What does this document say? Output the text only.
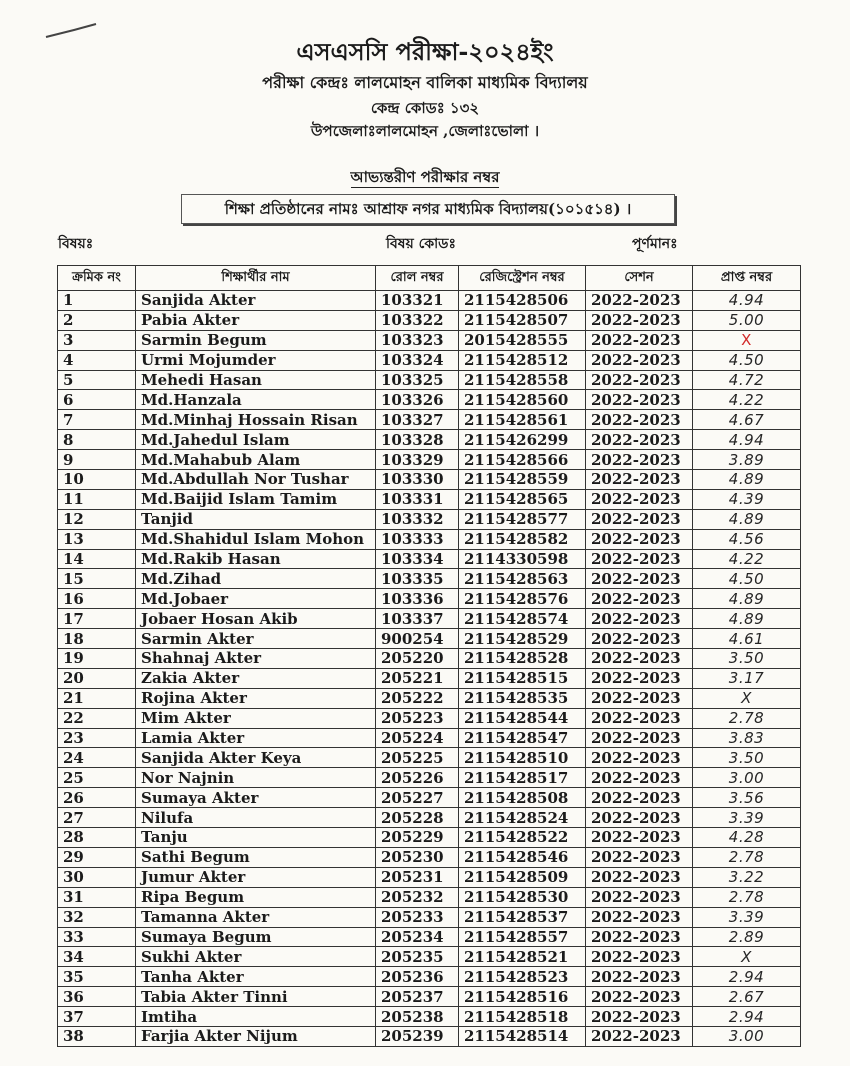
এসএসসি পরীক্ষা-২০২৪ইং
পরীক্ষা কেন্দ্রঃ লালমোহন বালিকা মাধ্যমিক বিদ্যালয়
কেন্দ্র কোডঃ ১৩২
উপজেলাঃলালমোহন ,জেলাঃভোলা ।
আভ্যন্তরীণ পরীক্ষার নম্বর
শিক্ষা প্রতিষ্ঠানের নামঃ আশ্রাফ নগর মাধ্যমিক বিদ্যালয়(১০১৫১৪) ।
বিষয়ঃ	বিষয় কোডঃ	পূর্ণমানঃ
ক্রমিক নং	শিক্ষার্থীর নাম	রোল নম্বর	রেজিস্ট্রেশন নম্বর	সেশন	প্রাপ্ত নম্বর
1	Sanjida Akter	103321	2115428506	2022-2023	4.94
2	Pabia Akter	103322	2115428507	2022-2023	5.00
3	Sarmin Begum	103323	2015428555	2022-2023	X
4	Urmi Mojumder	103324	2115428512	2022-2023	4.50
5	Mehedi Hasan	103325	2115428558	2022-2023	4.72
6	Md.Hanzala	103326	2115428560	2022-2023	4.22
7	Md.Minhaj Hossain Risan	103327	2115428561	2022-2023	4.67
8	Md.Jahedul Islam	103328	2115426299	2022-2023	4.94
9	Md.Mahabub Alam	103329	2115428566	2022-2023	3.89
10	Md.Abdullah Nor Tushar	103330	2115428559	2022-2023	4.89
11	Md.Baijid Islam Tamim	103331	2115428565	2022-2023	4.39
12	Tanjid	103332	2115428577	2022-2023	4.89
13	Md.Shahidul Islam Mohon	103333	2115428582	2022-2023	4.56
14	Md.Rakib Hasan	103334	2114330598	2022-2023	4.22
15	Md.Zihad	103335	2115428563	2022-2023	4.50
16	Md.Jobaer	103336	2115428576	2022-2023	4.89
17	Jobaer Hosan Akib	103337	2115428574	2022-2023	4.89
18	Sarmin Akter	900254	2115428529	2022-2023	4.61
19	Shahnaj Akter	205220	2115428528	2022-2023	3.50
20	Zakia Akter	205221	2115428515	2022-2023	3.17
21	Rojina Akter	205222	2115428535	2022-2023	X
22	Mim Akter	205223	2115428544	2022-2023	2.78
23	Lamia Akter	205224	2115428547	2022-2023	3.83
24	Sanjida Akter Keya	205225	2115428510	2022-2023	3.50
25	Nor Najnin	205226	2115428517	2022-2023	3.00
26	Sumaya Akter	205227	2115428508	2022-2023	3.56
27	Nilufa	205228	2115428524	2022-2023	3.39
28	Tanju	205229	2115428522	2022-2023	4.28
29	Sathi Begum	205230	2115428546	2022-2023	2.78
30	Jumur Akter	205231	2115428509	2022-2023	3.22
31	Ripa Begum	205232	2115428530	2022-2023	2.78
32	Tamanna Akter	205233	2115428537	2022-2023	3.39
33	Sumaya Begum	205234	2115428557	2022-2023	2.89
34	Sukhi Akter	205235	2115428521	2022-2023	X
35	Tanha Akter	205236	2115428523	2022-2023	2.94
36	Tabia Akter Tinni	205237	2115428516	2022-2023	2.67
37	Imtiha	205238	2115428518	2022-2023	2.94
38	Farjia Akter Nijum	205239	2115428514	2022-2023	3.00
